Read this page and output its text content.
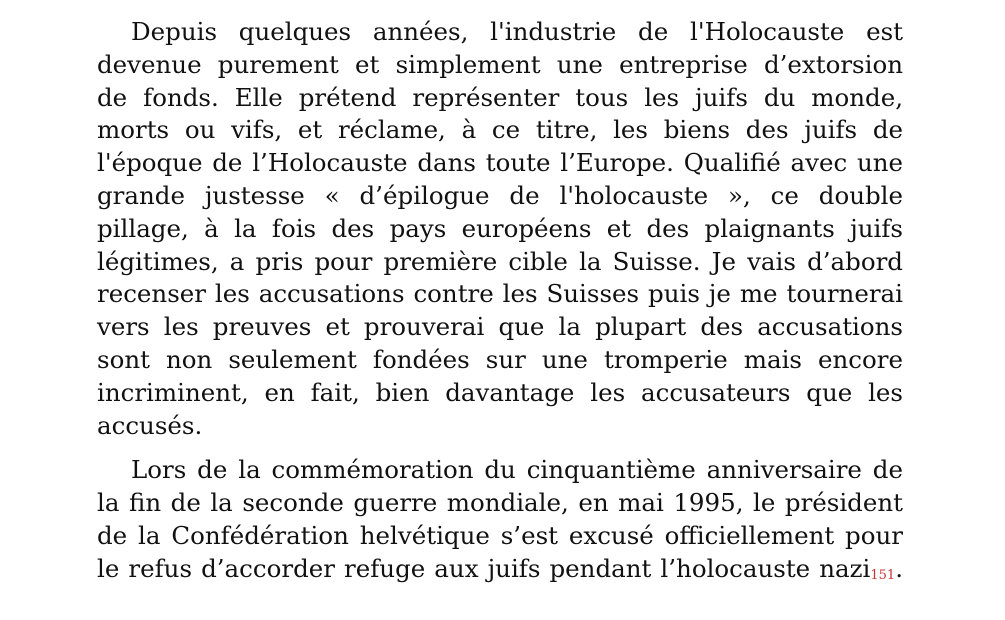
Depuis quelques années, l'industrie de l'Holocauste est
devenue purement et simplement une entreprise d’extorsion
de fonds. Elle prétend représenter tous les juifs du monde,
morts ou vifs, et réclame, à ce titre, les biens des juifs de
l'époque de l’Holocauste dans toute l’Europe. Qualifié avec une
grande justesse « d’épilogue de l'holocauste », ce double
pillage, à la fois des pays européens et des plaignants juifs
légitimes, a pris pour première cible la Suisse. Je vais d’abord
recenser les accusations contre les Suisses puis je me tournerai
vers les preuves et prouverai que la plupart des accusations
sont non seulement fondées sur une tromperie mais encore
incriminent, en fait, bien davantage les accusateurs que les
accusés.
Lors de la commémoration du cinquantième anniversaire de
la fin de la seconde guerre mondiale, en mai 1995, le président
de la Confédération helvétique s’est excusé officiellement pour
le refus d’accorder refuge aux juifs pendant l’holocauste nazi151.
